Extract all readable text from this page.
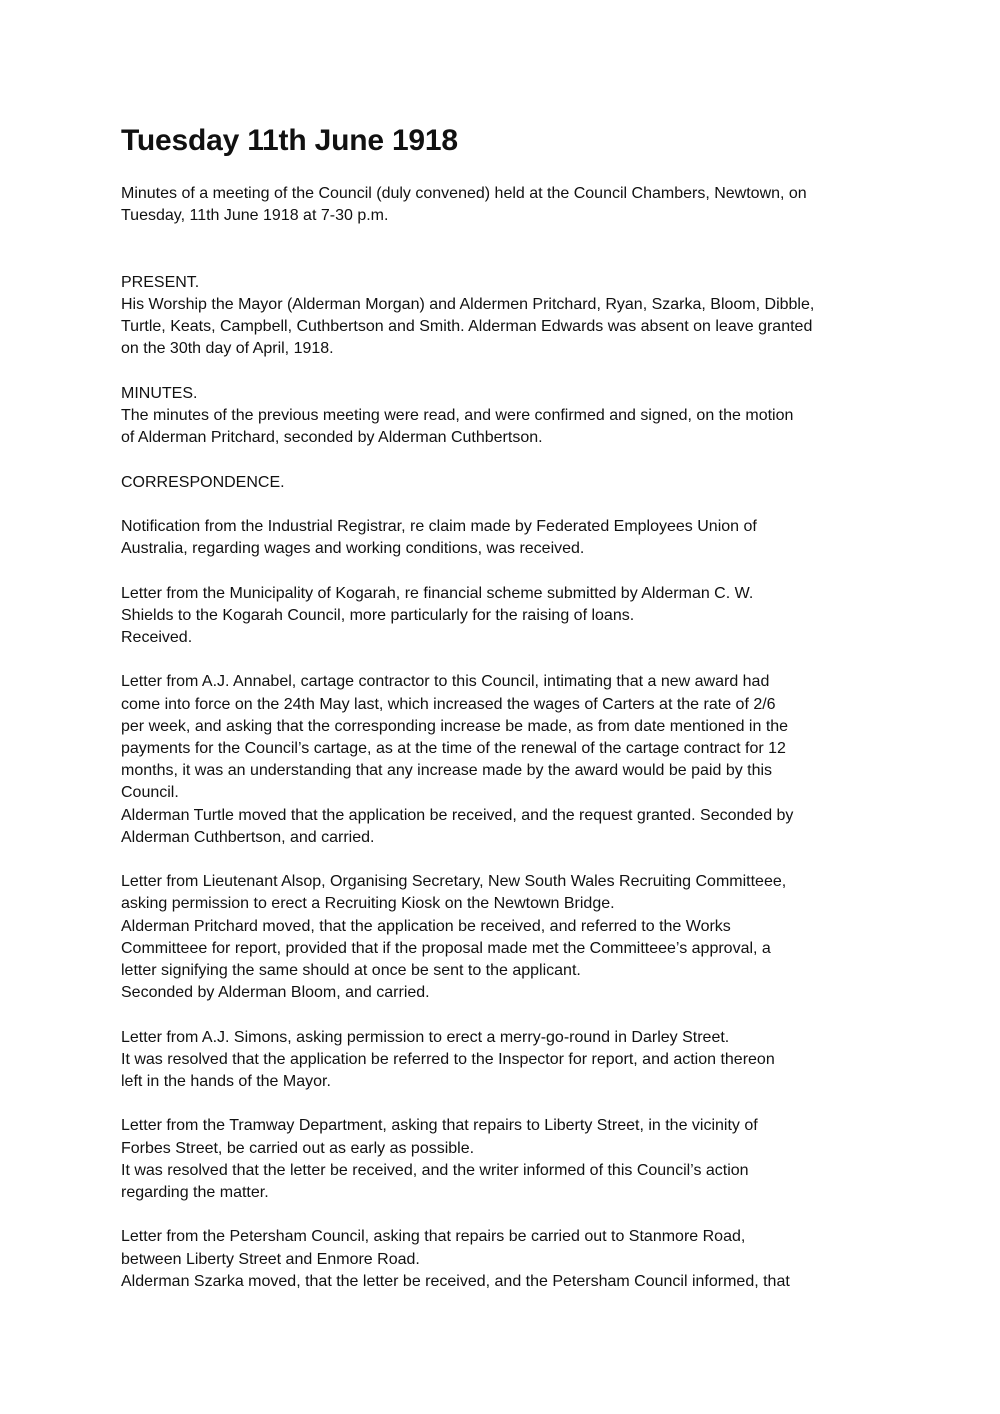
Tuesday 11th June 1918

Minutes of a meeting of the Council (duly convened) held at the Council Chambers, Newtown, on
Tuesday, 11th June 1918 at 7-30 p.m.

PRESENT.
His Worship the Mayor (Alderman Morgan) and Aldermen Pritchard, Ryan, Szarka, Bloom, Dibble,
Turtle, Keats, Campbell, Cuthbertson and Smith. Alderman Edwards was absent on leave granted
on the 30th day of April, 1918.

MINUTES.
The minutes of the previous meeting were read, and were confirmed and signed, on the motion
of Alderman Pritchard, seconded by Alderman Cuthbertson.

CORRESPONDENCE.

Notification from the Industrial Registrar, re claim made by Federated Employees Union of
Australia, regarding wages and working conditions, was received.

Letter from the Municipality of Kogarah, re financial scheme submitted by Alderman C. W.
Shields to the Kogarah Council, more particularly for the raising of loans.
Received.

Letter from A.J. Annabel, cartage contractor to this Council, intimating that a new award had
come into force on the 24th May last, which increased the wages of Carters at the rate of 2/6
per week, and asking that the corresponding increase be made, as from date mentioned in the
payments for the Council’s cartage, as at the time of the renewal of the cartage contract for 12
months, it was an understanding that any increase made by the award would be paid by this
Council.
Alderman Turtle moved that the application be received, and the request granted. Seconded by
Alderman Cuthbertson, and carried.

Letter from Lieutenant Alsop, Organising Secretary, New South Wales Recruiting Committeee,
asking permission to erect a Recruiting Kiosk on the Newtown Bridge.
Alderman Pritchard moved, that the application be received, and referred to the Works
Committeee for report, provided that if the proposal made met the Committeee’s approval, a
letter signifying the same should at once be sent to the applicant.
Seconded by Alderman Bloom, and carried.

Letter from A.J. Simons, asking permission to erect a merry-go-round in Darley Street.
It was resolved that the application be referred to the Inspector for report, and action thereon
left in the hands of the Mayor.

Letter from the Tramway Department, asking that repairs to Liberty Street, in the vicinity of
Forbes Street, be carried out as early as possible.
It was resolved that the letter be received, and the writer informed of this Council’s action
regarding the matter.

Letter from the Petersham Council, asking that repairs be carried out to Stanmore Road,
between Liberty Street and Enmore Road.
Alderman Szarka moved, that the letter be received, and the Petersham Council informed, that
